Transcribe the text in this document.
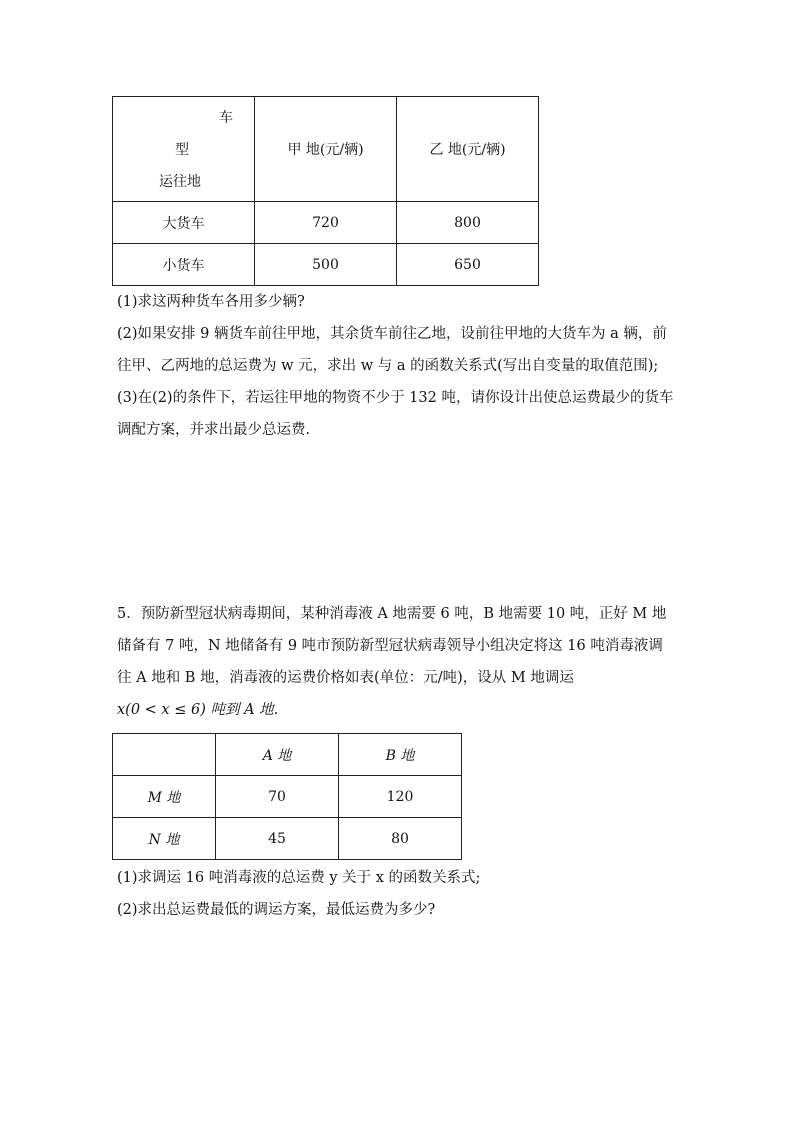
车
型
运往地	甲 地(元/辆)	乙 地(元/辆)
大货车	720	800
小货车	500	650

(1)求这两种货车各用多少辆?

(2)如果安排 9 辆货车前往甲地，其余货车前往乙地，设前往甲地的大货车为 a 辆，前往甲、乙两地的总运费为 w 元，求出 w 与 a 的函数关系式(写出自变量的取值范围);

(3)在(2)的条件下，若运往甲地的物资不少于 132 吨，请你设计出使总运费最少的货车调配方案，并求出最少总运费.

5．预防新型冠状病毒期间，某种消毒液 A 地需要 6 吨，B 地需要 10 吨，正好 M 地储备有 7 吨，N 地储备有 9 吨市预防新型冠状病毒领导小组决定将这 16 吨消毒液调往 A 地和 B 地，消毒液的运费价格如表(单位：元/吨)，设从 M 地调运

x(0 < x ≤ 6) 吨到 A 地.

	A 地	B 地
M 地	70	120
N 地	45	80

(1)求调运 16 吨消毒液的总运费 y 关于 x 的函数关系式;

(2)求出总运费最低的调运方案，最低运费为多少?
